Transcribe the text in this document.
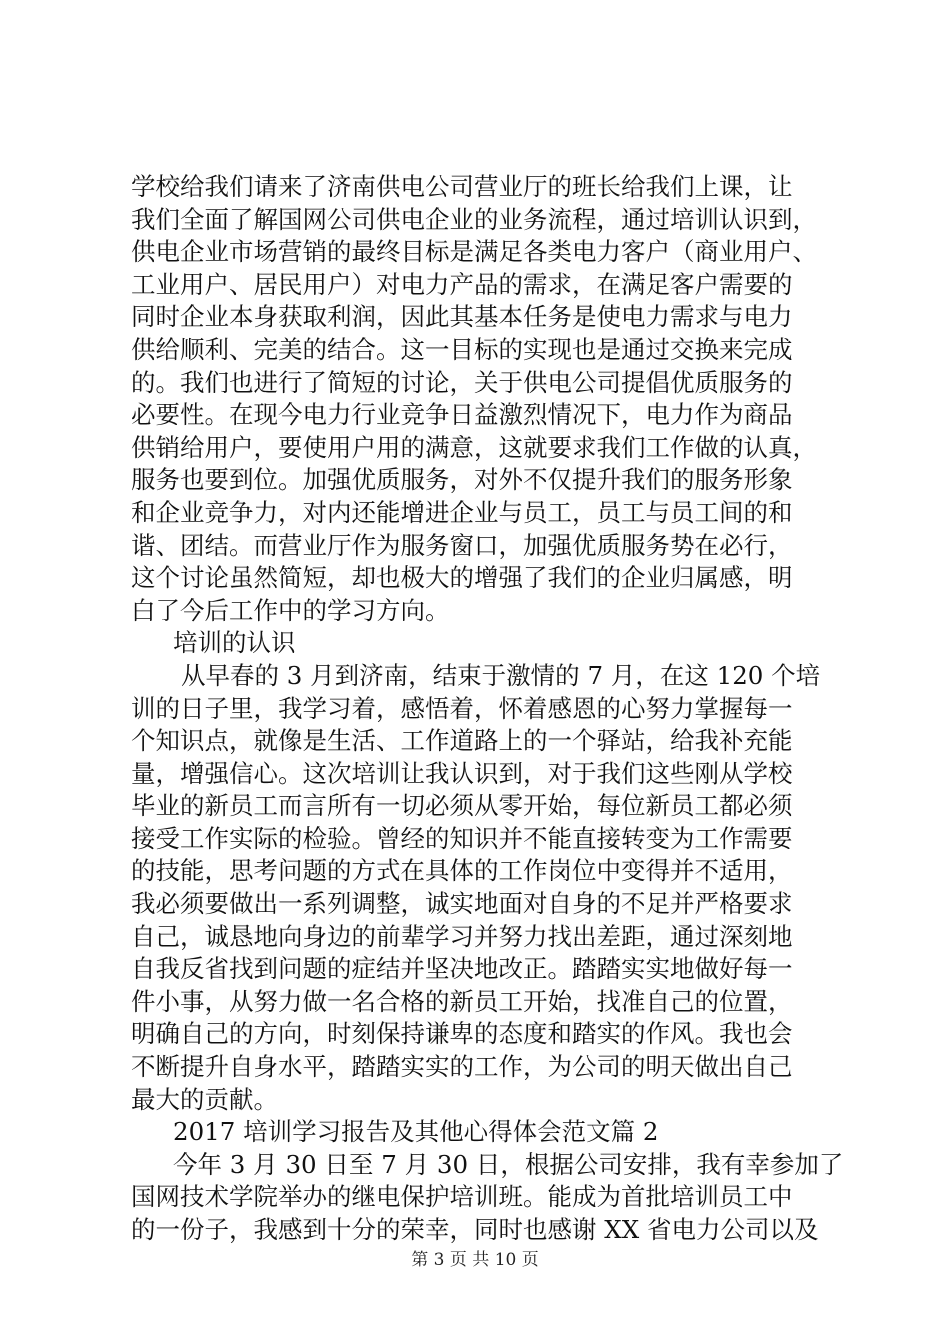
学校给我们请来了济南供电公司营业厅的班长给我们上课，让
我们全面了解国网公司供电企业的业务流程，通过培训认识到，
供电企业市场营销的最终目标是满足各类电力客户（商业用户、
工业用户、居民用户）对电力产品的需求，在满足客户需要的
同时企业本身获取利润，因此其基本任务是使电力需求与电力
供给顺利、完美的结合。这一目标的实现也是通过交换来完成
的。我们也进行了简短的讨论，关于供电公司提倡优质服务的
必要性。在现今电力行业竞争日益激烈情况下，电力作为商品
供销给用户，要使用户用的满意，这就要求我们工作做的认真，
服务也要到位。加强优质服务，对外不仅提升我们的服务形象
和企业竞争力，对内还能增进企业与员工，员工与员工间的和
谐、团结。而营业厅作为服务窗口，加强优质服务势在必行，
这个讨论虽然简短，却也极大的增强了我们的企业归属感，明
白了今后工作中的学习方向。
培训的认识
从早春的 3 月到济南，结束于激情的 7 月，在这 120 个培
训的日子里，我学习着，感悟着，怀着感恩的心努力掌握每一
个知识点，就像是生活、工作道路上的一个驿站，给我补充能
量，增强信心。这次培训让我认识到，对于我们这些刚从学校
毕业的新员工而言所有一切必须从零开始，每位新员工都必须
接受工作实际的检验。曾经的知识并不能直接转变为工作需要
的技能，思考问题的方式在具体的工作岗位中变得并不适用，
我必须要做出一系列调整，诚实地面对自身的不足并严格要求
自己，诚恳地向身边的前辈学习并努力找出差距，通过深刻地
自我反省找到问题的症结并坚决地改正。踏踏实实地做好每一
件小事，从努力做一名合格的新员工开始，找准自己的位置，
明确自己的方向，时刻保持谦卑的态度和踏实的作风。我也会
不断提升自身水平，踏踏实实的工作，为公司的明天做出自己
最大的贡献。
2017 培训学习报告及其他心得体会范文篇 2
今年 3 月 30 日至 7 月 30 日，根据公司安排，我有幸参加了
国网技术学院举办的继电保护培训班。能成为首批培训员工中
的一份子，我感到十分的荣幸，同时也感谢 XX 省电力公司以及
第 3 页 共 10 页
